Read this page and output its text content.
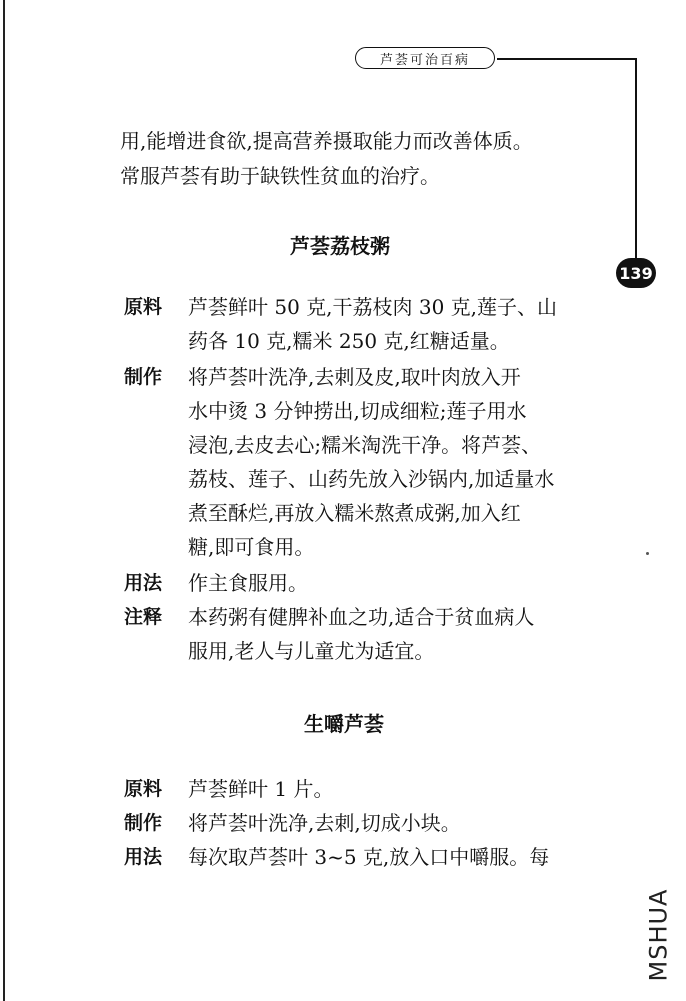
芦荟可治百病
139
用,能增进食欲,提高营养摄取能力而改善体质。
常服芦荟有助于缺铁性贫血的治疗。
芦荟荔枝粥
原料 芦荟鲜叶 50 克,干荔枝肉 30 克,莲子、山
药各 10 克,糯米 250 克,红糖适量。
制作 将芦荟叶洗净,去刺及皮,取叶肉放入开
水中烫 3 分钟捞出,切成细粒;莲子用水
浸泡,去皮去心;糯米淘洗干净。将芦荟、
荔枝、莲子、山药先放入沙锅内,加适量水
煮至酥烂,再放入糯米熬煮成粥,加入红
糖,即可食用。
用法 作主食服用。
注释 本药粥有健脾补血之功,适合于贫血病人
服用,老人与儿童尤为适宜。
生嚼芦荟
原料 芦荟鲜叶 1 片。
制作 将芦荟叶洗净,去刺,切成小块。
用法 每次取芦荟叶 3~5 克,放入口中嚼服。每
MSHUA
